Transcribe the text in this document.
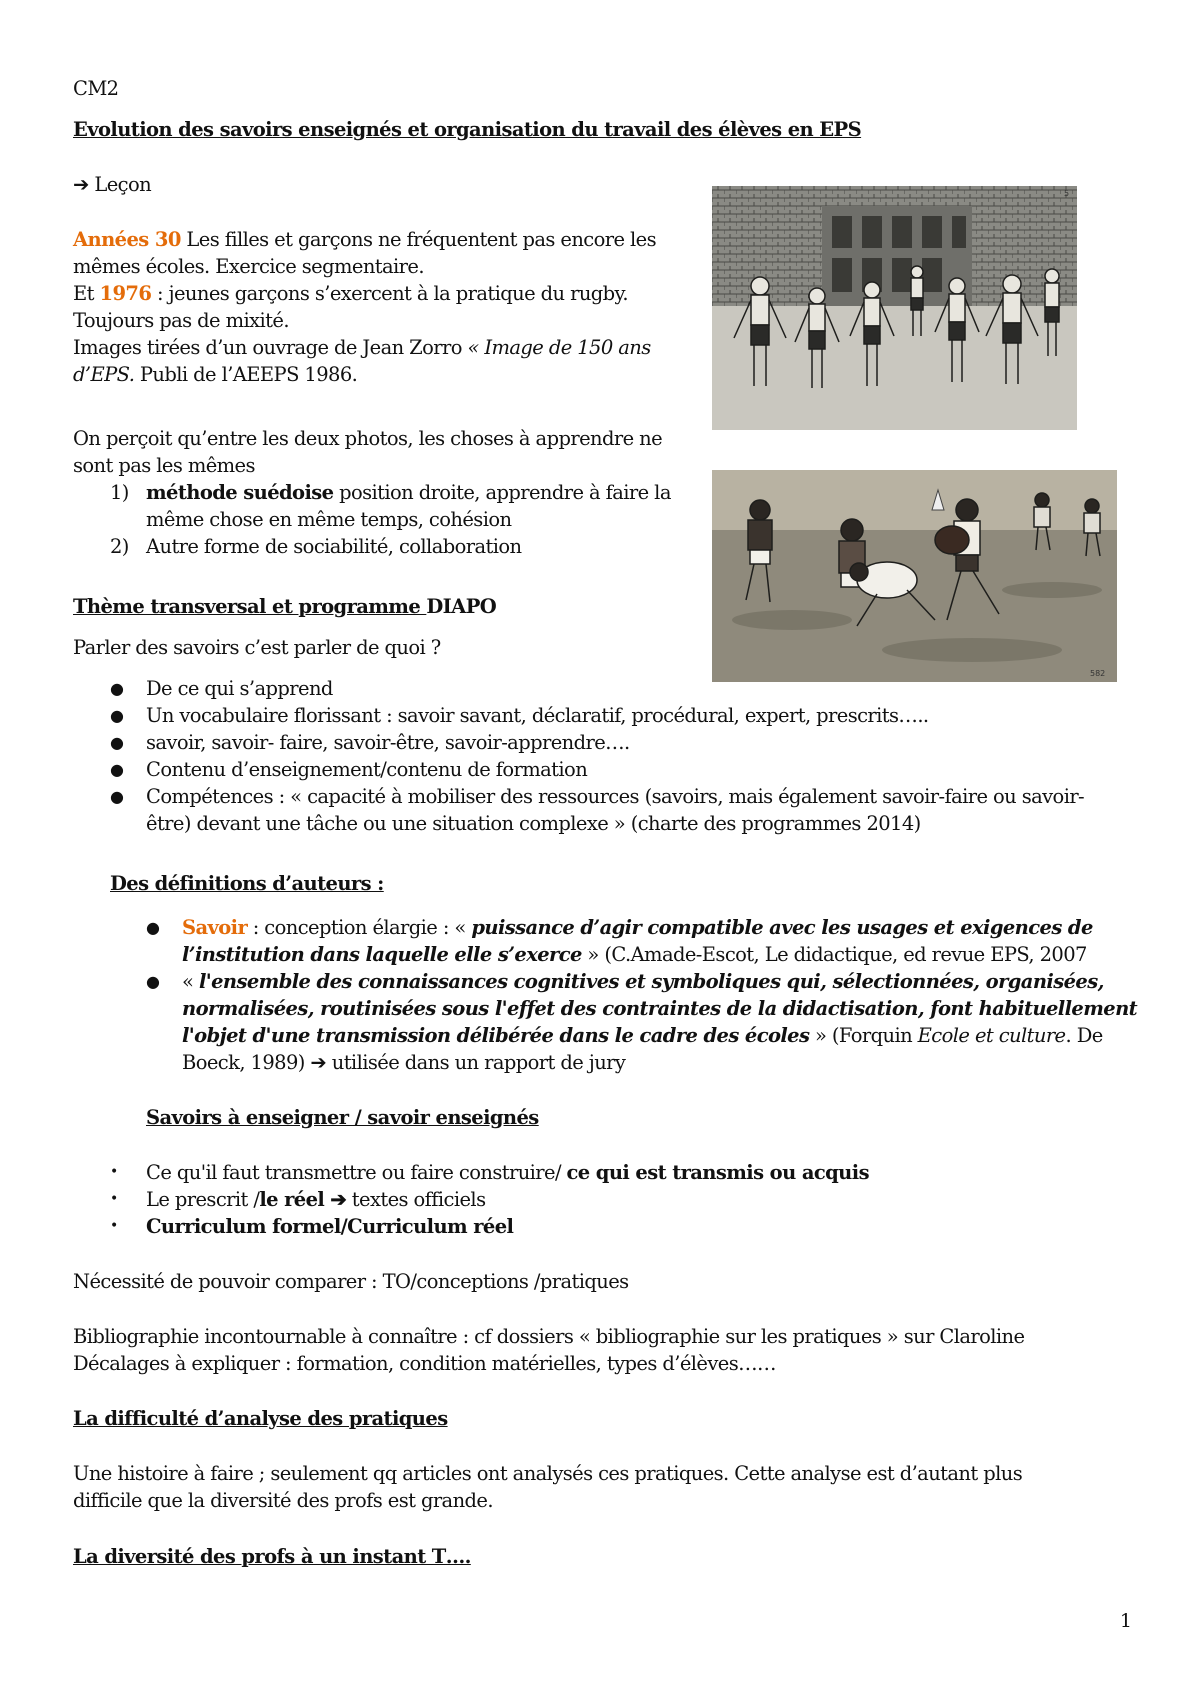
CM2
Evolution des savoirs enseignés et organisation du travail des élèves en EPS
➔ Leçon
Années 30 Les filles et garçons ne fréquentent pas encore les
mêmes écoles. Exercice segmentaire.
Et 1976 : jeunes garçons s’exercent à la pratique du rugby.
Toujours pas de mixité.
Images tirées d’un ouvrage de Jean Zorro « Image de 150 ans
d’EPS. Publi de l’AEEPS 1986.
On perçoit qu’entre les deux photos, les choses à apprendre ne
sont pas les mêmes
1) méthode suédoise position droite, apprendre à faire la
même chose en même temps, cohésion
2) Autre forme de sociabilité, collaboration
5
582
Thème transversal et programme DIAPO
Parler des savoirs c’est parler de quoi ?
● De ce qui s’apprend
● Un vocabulaire florissant : savoir savant, déclaratif, procédural, expert, prescrits…..
● savoir, savoir- faire, savoir-être, savoir-apprendre….
● Contenu d’enseignement/contenu de formation
● Compétences : « capacité à mobiliser des ressources (savoirs, mais également savoir-faire ou savoir-
être) devant une tâche ou une situation complexe » (charte des programmes 2014)
Des définitions d’auteurs :
● Savoir : conception élargie : « puissance d’agir compatible avec les usages et exigences de
l’institution dans laquelle elle s’exerce » (C.Amade-Escot, Le didactique, ed revue EPS, 2007
● « l'ensemble des connaissances cognitives et symboliques qui, sélectionnées, organisées,
normalisées, routinisées sous l'effet des contraintes de la didactisation, font habituellement
l'objet d'une transmission délibérée dans le cadre des écoles » (Forquin Ecole et culture. De
Boeck, 1989) ➔ utilisée dans un rapport de jury
Savoirs à enseigner / savoir enseignés
• Ce qu'il faut transmettre ou faire construire/ ce qui est transmis ou acquis
• Le prescrit /le réel ➔ textes officiels
• Curriculum formel/Curriculum réel
Nécessité de pouvoir comparer : TO/conceptions /pratiques
Bibliographie incontournable à connaître : cf dossiers « bibliographie sur les pratiques » sur Claroline
Décalages à expliquer : formation, condition matérielles, types d’élèves……
La difficulté d’analyse des pratiques
Une histoire à faire ; seulement qq articles ont analysés ces pratiques. Cette analyse est d’autant plus
difficile que la diversité des profs est grande.
La diversité des profs à un instant T….
1
